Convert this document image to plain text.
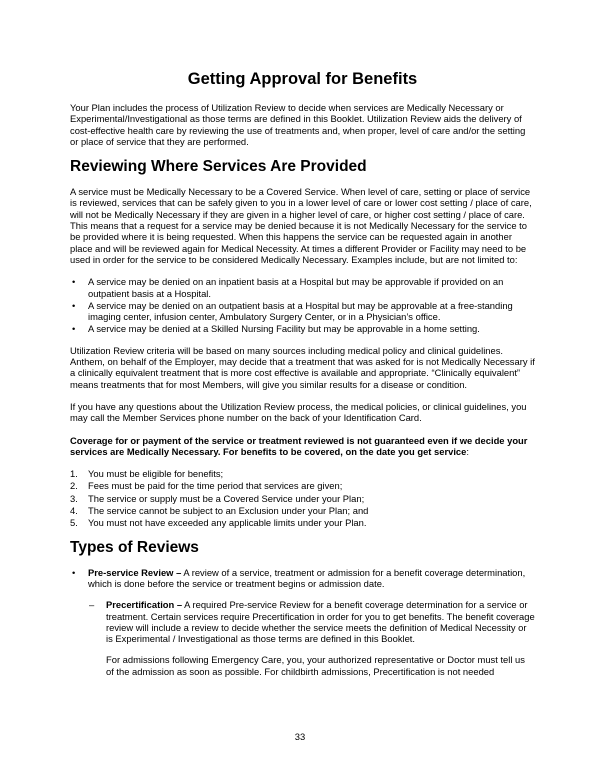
Getting Approval for Benefits

Your Plan includes the process of Utilization Review to decide when services are Medically Necessary or Experimental/Investigational as those terms are defined in this Booklet. Utilization Review aids the delivery of cost-effective health care by reviewing the use of treatments and, when proper, level of care and/or the setting or place of service that they are performed.

Reviewing Where Services Are Provided

A service must be Medically Necessary to be a Covered Service. When level of care, setting or place of service is reviewed, services that can be safely given to you in a lower level of care or lower cost setting / place of care, will not be Medically Necessary if they are given in a higher level of care, or higher cost setting / place of care. This means that a request for a service may be denied because it is not Medically Necessary for the service to be provided where it is being requested. When this happens the service can be requested again in another place and will be reviewed again for Medical Necessity. At times a different Provider or Facility may need to be used in order for the service to be considered Medically Necessary. Examples include, but are not limited to:

• A service may be denied on an inpatient basis at a Hospital but may be approvable if provided on an outpatient basis at a Hospital.
• A service may be denied on an outpatient basis at a Hospital but may be approvable at a free-standing imaging center, infusion center, Ambulatory Surgery Center, or in a Physician’s office.
• A service may be denied at a Skilled Nursing Facility but may be approvable in a home setting.

Utilization Review criteria will be based on many sources including medical policy and clinical guidelines. Anthem, on behalf of the Employer, may decide that a treatment that was asked for is not Medically Necessary if a clinically equivalent treatment that is more cost effective is available and appropriate. “Clinically equivalent” means treatments that for most Members, will give you similar results for a disease or condition.

If you have any questions about the Utilization Review process, the medical policies, or clinical guidelines, you may call the Member Services phone number on the back of your Identification Card.

Coverage for or payment of the service or treatment reviewed is not guaranteed even if we decide your services are Medically Necessary. For benefits to be covered, on the date you get service:

1. You must be eligible for benefits;
2. Fees must be paid for the time period that services are given;
3. The service or supply must be a Covered Service under your Plan;
4. The service cannot be subject to an Exclusion under your Plan; and
5. You must not have exceeded any applicable limits under your Plan.
Types of Reviews
• Pre-service Review – A review of a service, treatment or admission for a benefit coverage determination, which is done before the service or treatment begins or admission date.
– Precertification – A required Pre-service Review for a benefit coverage determination for a service or treatment. Certain services require Precertification in order for you to get benefits. The benefit coverage review will include a review to decide whether the service meets the definition of Medical Necessity or is Experimental / Investigational as those terms are defined in this Booklet.

For admissions following Emergency Care, you, your authorized representative or Doctor must tell us of the admission as soon as possible. For childbirth admissions, Precertification is not needed

33
